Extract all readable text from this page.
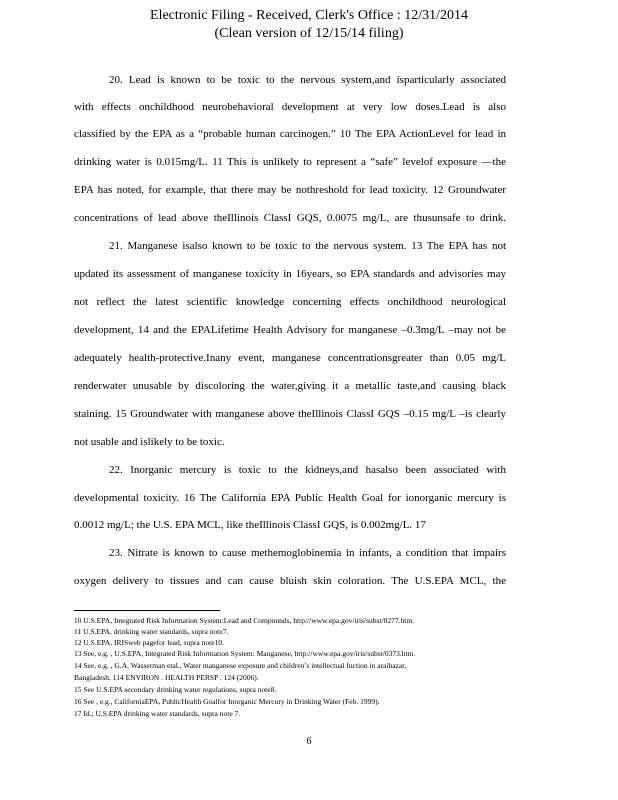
Electronic Filing - Received, Clerk's Office : 12/31/2014
(Clean version of 12/15/14 filing)
20. Lead is known to be toxic to the nervous system,and isparticularly associated
with effects onchildhood neurobehavioral development at very low doses.Lead is also
classified by the EPA as a “probable human carcinogen.” 10 The EPA ActionLevel for lead in
drinking water is 0.015mg/L. 11 This is unlikely to represent a “safe” levelof exposure —the
EPA has noted, for example, that there may be nothreshold for lead toxicity. 12 Groundwater
concentrations of lead above theIllinois ClassI GQS, 0.0075 mg/L, are thusunsafe to drink.
21. Manganese isalso known to be toxic to the nervous system. 13 The EPA has not
updated its assessment of manganese toxicity in 16years, so EPA standards and advisories may
not reflect the latest scientific knowledge concerning effects onchildhood neurological
development, 14 and the EPALifetime Health Advisory for manganese –0.3mg/L –may not be
adequately health-protective.Inany event, manganese concentrationsgreater than 0.05 mg/L
renderwater unusable by discoloring the water,giving it a metallic taste,and causing black
staining. 15 Groundwater with manganese above theIllinois ClassI GQS –0.15 mg/L –is clearly
not usable and islikely to be toxic.
22. Inorganic mercury is toxic to the kidneys,and hasalso been associated with
developmental toxicity. 16 The California EPA Public Health Goal for ionorganic mercury is
0.0012 mg/L; the U.S. EPA MCL, like theIllinois ClassI GQS, is 0.002mg/L. 17
23. Nitrate is known to cause methemoglobinemia in infants, a condition that impairs
oxygen delivery to tissues and can cause bluish skin coloration. The U.S.EPA MCL, the
10 U.S.EPA, Integrated Risk Information System:Lead and Compounds, http://www.epa.gov/iris/subst/0277.htm.
11 U.S.EPA, drinking water standards, supra note7.
12 U.S.EPA, IRISweb pagefor lead, supra note10.
13 See, e.g. , U.S.EPA, Integrated Risk Information System: Manganese, http://www.epa.gov/iris/subst/0373.htm.
14 See, e.g. , G.A. Wasserman etal., Water manganese exposure and children’s intellectual fnction in araihazar,
Bangladesh. 114 ENVIRON . HEALTH PERSP . 124 (2006).
15 See U.S.EPA secondary drinking water regulations, supra note8.
16 See , e.g., CaliforniaEPA, PublicHealth Goalfor Inorganic Mercury in Drinking Water (Feb. 1999).
17 Id.; U.S.EPA drinking water standards, supra note 7.
6
